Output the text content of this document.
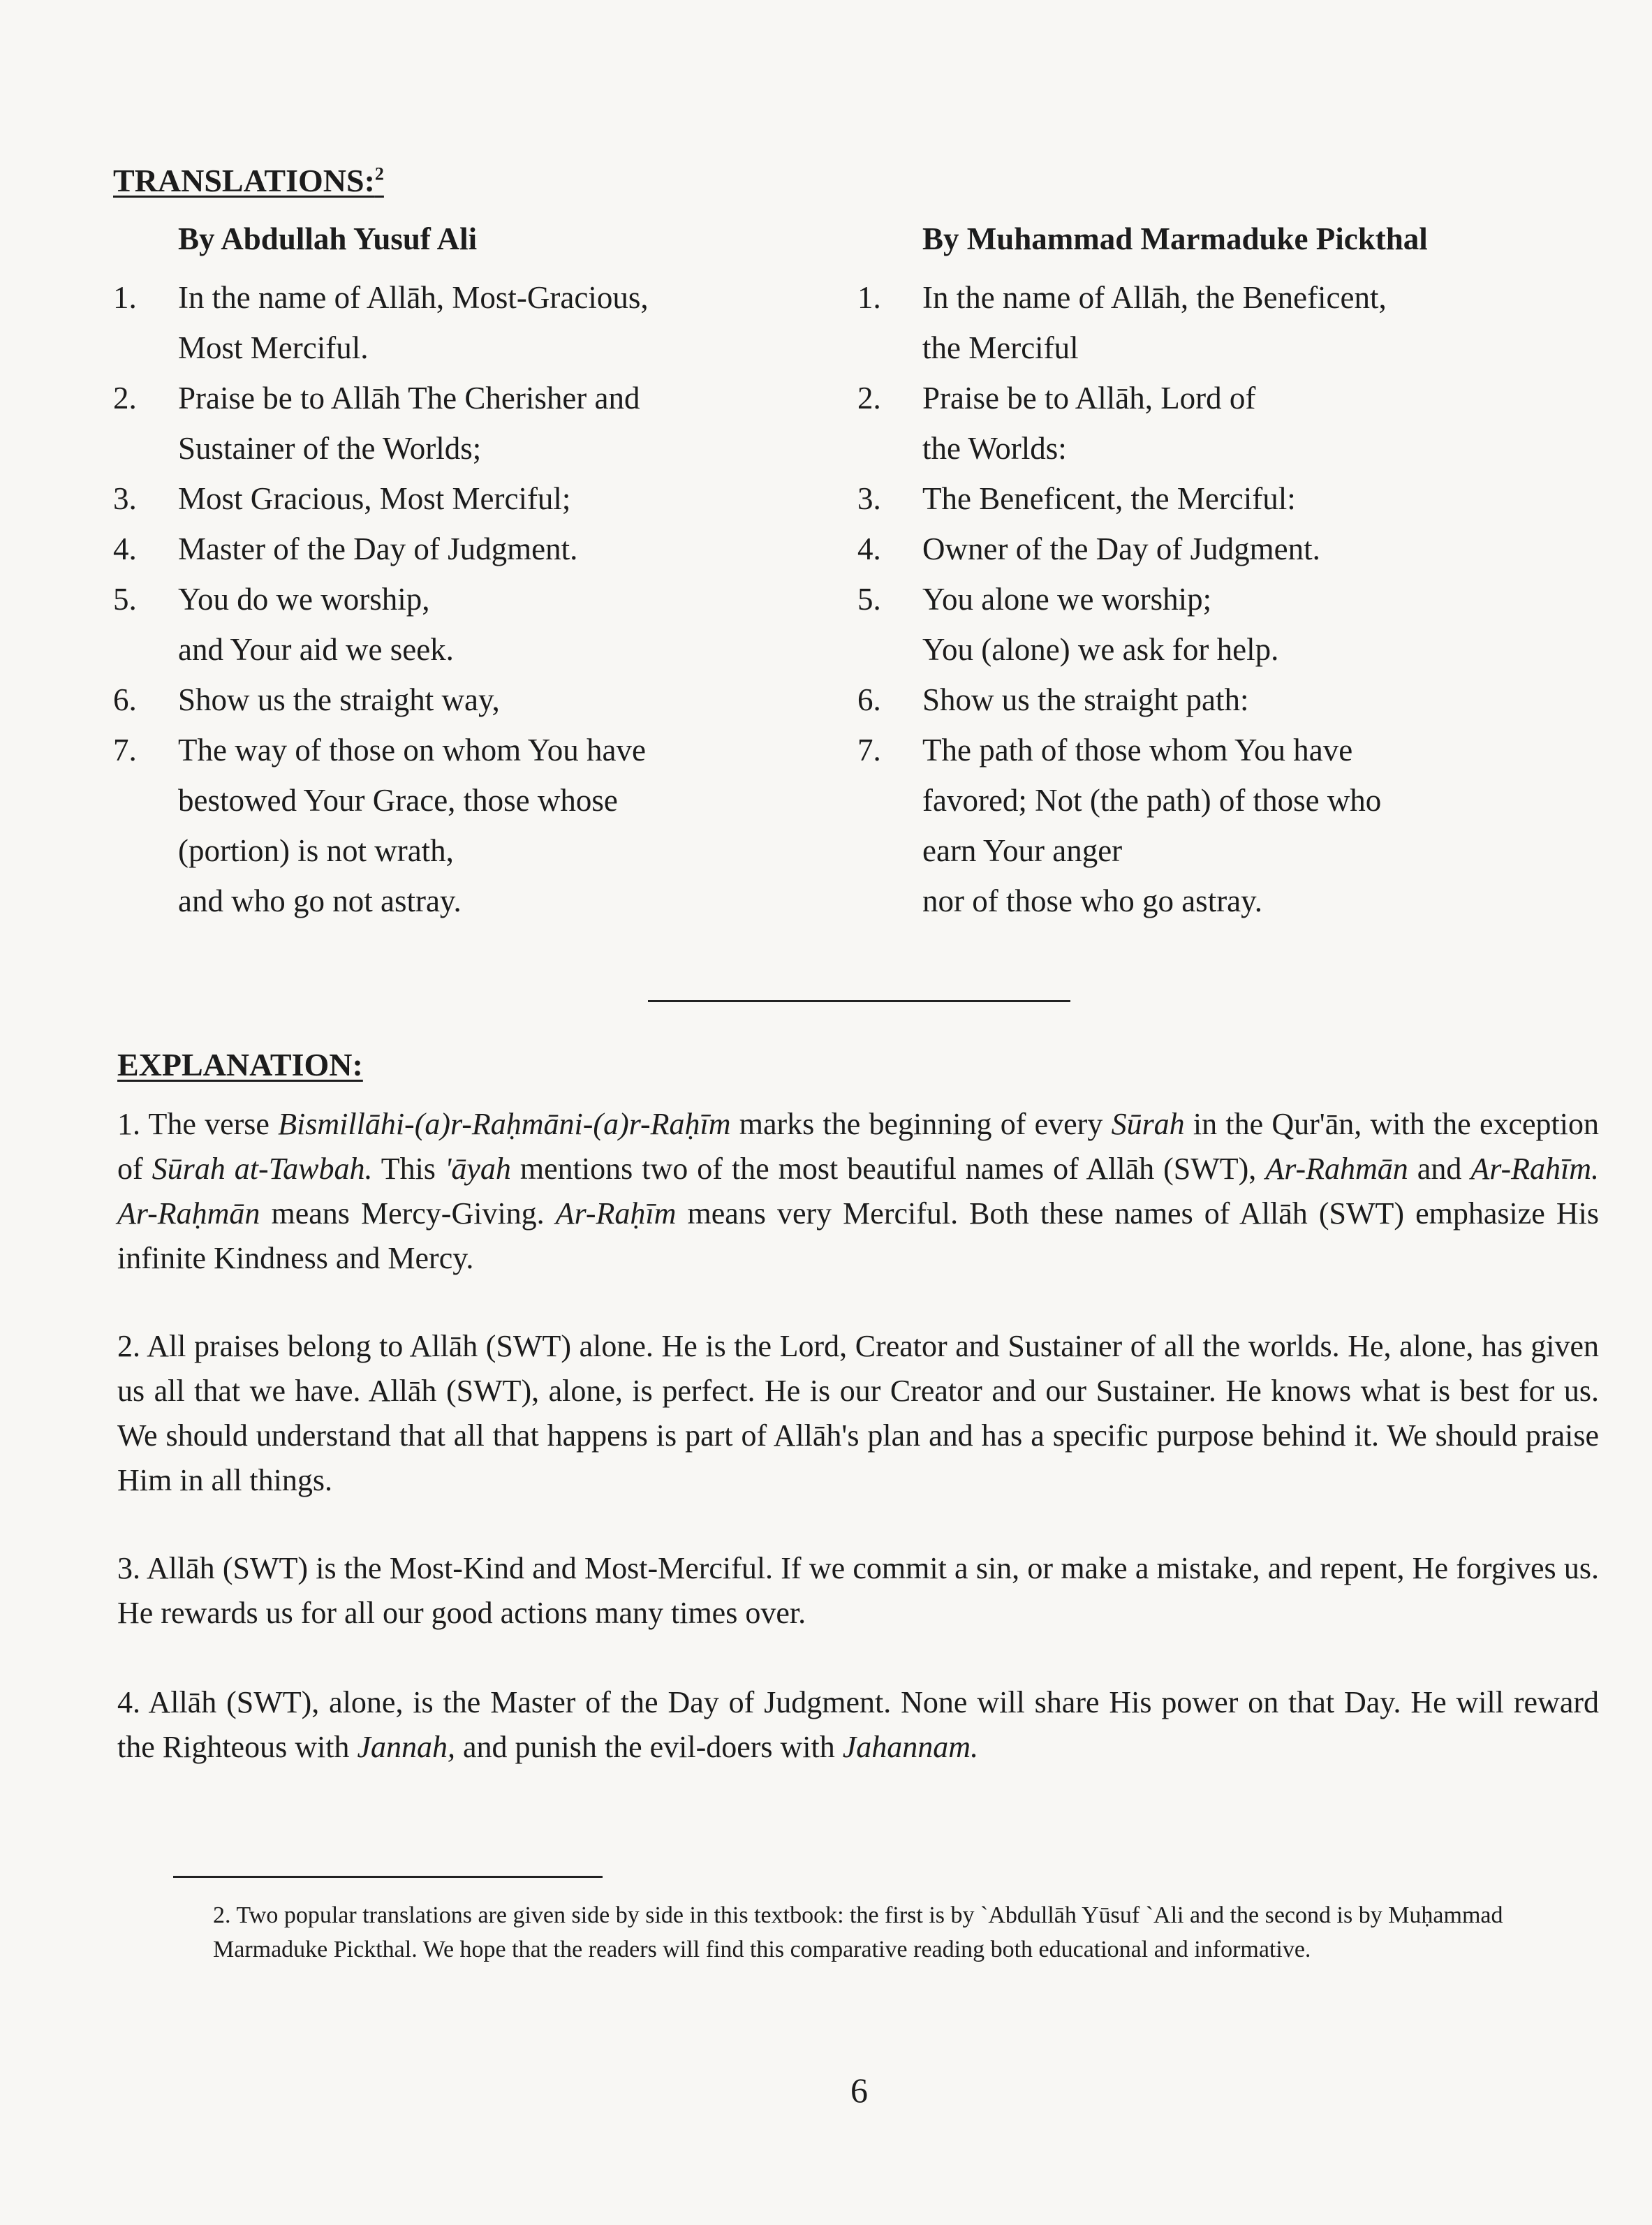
TRANSLATIONS:$^2$
By Abdullah Yusuf Ali
1.	In the name of Allāh, Most-Gracious,
Most Merciful.
2.	Praise be to Allāh The Cherisher and
Sustainer of the Worlds;
3.	Most Gracious, Most Merciful;
4.	Master of the Day of Judgment.
5.	You do we worship,
and Your aid we seek.
6.	Show us the straight way,
7.	The way of those on whom You have
bestowed Your Grace, those whose
(portion) is not wrath,
and who go not astray.
By Muhammad Marmaduke Pickthal
1.	In the name of Allāh, the Beneficent,
the Merciful
2.	Praise be to Allāh, Lord of
the Worlds:
3.	The Beneficent, the Merciful:
4.	Owner of the Day of Judgment.
5.	You alone we worship;
You (alone) we ask for help.
6.	Show us the straight path:
7.	The path of those whom You have
favored; Not (the path) of those who
earn Your anger
nor of those who go astray.
EXPLANATION:
1. The verse Bismillāhi-(a)r-Raḥmāni-(a)r-Raḥīm marks the beginning of every Sūrah in the Qur'ān, with the exception of Sūrah at-Tawbah. This 'āyah mentions two of the most beautiful names of Allāh (SWT), Ar-Rahmān and Ar-Rahīm. Ar-Raḥmān means Mercy-Giving. Ar-Raḥīm means very Merciful. Both these names of Allāh (SWT) emphasize His infinite Kindness and Mercy.
2. All praises belong to Allāh (SWT) alone. He is the Lord, Creator and Sustainer of all the worlds. He, alone, has given us all that we have. Allāh (SWT), alone, is perfect. He is our Creator and our Sustainer. He knows what is best for us. We should understand that all that happens is part of Allāh's plan and has a specific purpose behind it. We should praise Him in all things.
3. Allāh (SWT) is the Most-Kind and Most-Merciful. If we commit a sin, or make a mistake, and repent, He forgives us. He rewards us for all our good actions many times over.
4. Allāh (SWT), alone, is the Master of the Day of Judgment. None will share His power on that Day. He will reward the Righteous with Jannah, and punish the evil-doers with Jahannam.
2. Two popular translations are given side by side in this textbook: the first is by `Abdullāh Yūsuf `Ali and the second is by Muḥammad Marmaduke Pickthal. We hope that the readers will find this comparative reading both educational and informative.
6
